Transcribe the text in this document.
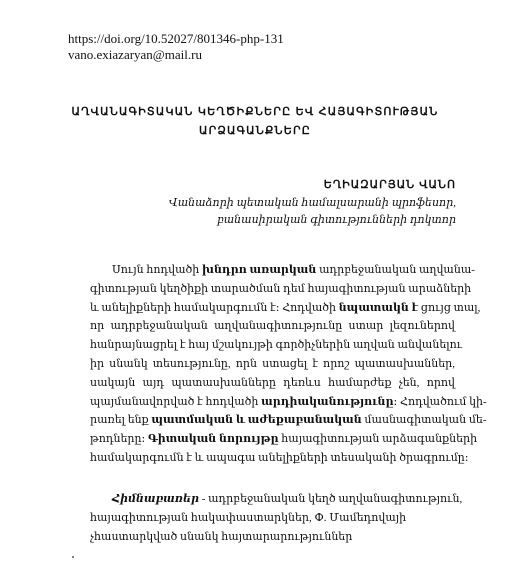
https://doi.org/10.52027/801346-php-131
vano.exiazaryan@mail.ru
ԱՂՎԱՆԱԳԻՏԱԿԱՆ ԿԵՂԾԻՔՆԵՐԸ ԵՎ ՀԱՅԱԳԻՏՈՒԹՅԱՆ
ԱՐՁԱԳԱՆՔՆԵՐԸ
ԵՂԻԱԶԱՐՅԱՆ ՎԱՆՈ
Վանաձորի պետական համալսարանի պրոֆեսոր,
բանասիրական գիտությունների դոկտոր
Սույն հոդվածի խնդրո առարկան ադրբեջանական աղվանա-
գիտության կեղծիքի տարածման դեմ հայագիտության արաձների
և անելիքների համակարգումն է։ Հոդվածի նպատակն է ցույց տալ,
որ ադրբեջանական աղվանագիտությունը ստար լեզուներով
հանրայնացրել է հայ մշակույթի գործիչներին աղվան անվանելու
իր սնանկ տեսությունը, որն ստացել է որոշ պատասխաններ,
սակայն այդ պատասխանները դեռևս համարժեք չեն, որով
պայմանավորված է հոդվածի արդիականությունը։ Հոդվածում կի-
րառել ենք պատմական և աժեքաբանական մասնագիտական մե-
թոդները։ Գիտական նորույթը հայագիտության արձագանքների
համակարգումն է և ապագա անելիքների տեսականի ծրագրումը։
Հիմնաբառեր - ադրբեջանական կեղծ աղվանագիտություն,
հայագիտության հակափաստարկներ, Փ. Մամեդովայի
չհաստարկված սնանկ հայտարարություններ
